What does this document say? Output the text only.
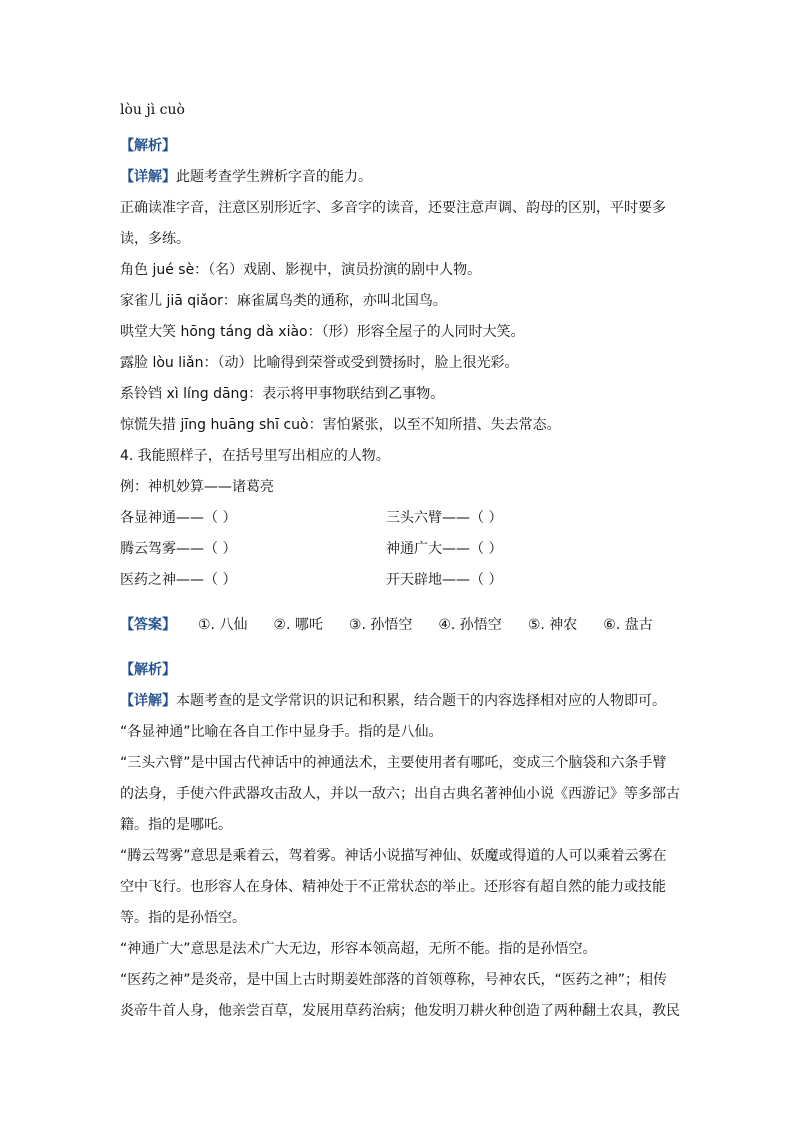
lòu jì cuò

【解析】

【详解】此题考查学生辨析字音的能力。

正确读准字音，注意区别形近字、多音字的读音，还要注意声调、韵母的区别，平时要多读，多练。

角色 jué sè：（名）戏剧、影视中，演员扮演的剧中人物。

家雀儿 jiā qiǎor：麻雀属鸟类的通称，亦叫北国鸟。

哄堂大笑 hōng táng dà xiào：（形）形容全屋子的人同时大笑。

露脸 lòu liǎn：（动）比喻得到荣誉或受到赞扬时，脸上很光彩。

系铃铛 xì líng dāng：表示将甲事物联结到乙事物。

惊慌失措 jīng huāng shī cuò：害怕紧张，以至不知所措、失去常态。

4. 我能照样子，在括号里写出相应的人物。

例：神机妙算——诸葛亮

各显神通——（ ）	三头六臂——（ ）
腾云驾雾——（ ）	神通广大——（ ）
医药之神——（ ）	开天辟地——（ ）

【答案】 ①. 八仙 ②. 哪吒 ③. 孙悟空 ④. 孙悟空 ⑤. 神农 ⑥. 盘古

【解析】

【详解】本题考查的是文学常识的识记和积累，结合题干的内容选择相对应的人物即可。

“各显神通”比喻在各自工作中显身手。指的是八仙。

“三头六臂”是中国古代神话中的神通法术，主要使用者有哪吒，变成三个脑袋和六条手臂的法身，手使六件武器攻击敌人，并以一敌六；出自古典名著神仙小说《西游记》等多部古籍。指的是哪吒。

“腾云驾雾”意思是乘着云，驾着雾。神话小说描写神仙、妖魔或得道的人可以乘着云雾在空中飞行。也形容人在身体、精神处于不正常状态的举止。还形容有超自然的能力或技能等。指的是孙悟空。

“神通广大”意思是法术广大无边，形容本领高超，无所不能。指的是孙悟空。

“医药之神”是炎帝，是中国上古时期姜姓部落的首领尊称，号神农氏，“医药之神”；相传炎帝牛首人身，他亲尝百草，发展用草药治病；他发明刀耕火种创造了两种翻土农具，教民
